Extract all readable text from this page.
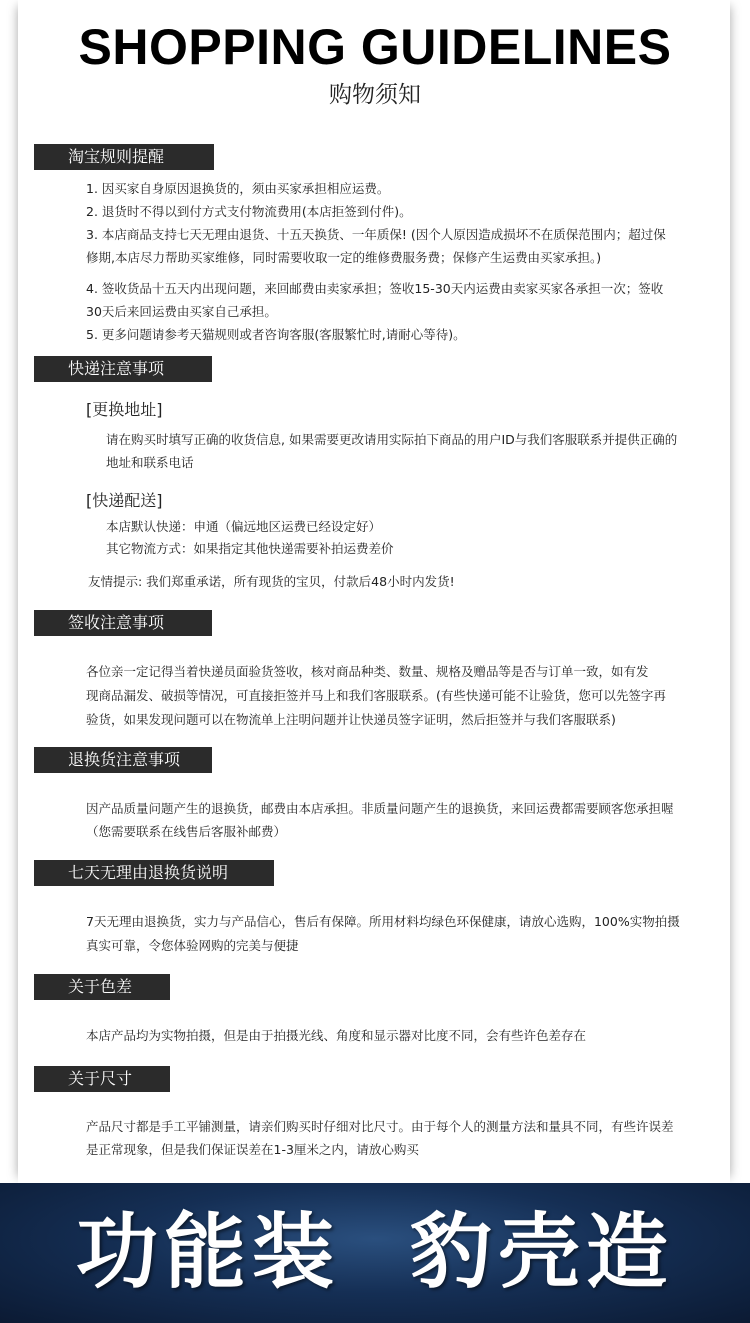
SHOPPING GUIDELINES
购物须知
淘宝规则提醒
1. 因买家自身原因退换货的，须由买家承担相应运费。
2. 退货时不得以到付方式支付物流费用(本店拒签到付件)。
3. 本店商品支持七天无理由退货、十五天换货、一年质保! (因个人原因造成损坏不在质保范围内；超过保
修期,本店尽力帮助买家维修，同时需要收取一定的维修费服务费；保修产生运费由买家承担。)
4. 签收货品十五天内出现问题，来回邮费由卖家承担；签收15-30天内运费由卖家买家各承担一次；签收
30天后来回运费由买家自己承担。
5. 更多问题请参考天猫规则或者咨询客服(客服繁忙时,请耐心等待)。
快递注意事项
[更换地址]
请在购买时填写正确的收货信息, 如果需要更改请用实际拍下商品的用户ID与我们客服联系并提供正确的
地址和联系电话
[快递配送]
本店默认快递：申通（偏远地区运费已经设定好）
其它物流方式：如果指定其他快递需要补拍运费差价
友情提示: 我们郑重承诺，所有现货的宝贝，付款后48小时内发货!
签收注意事项
各位亲一定记得当着快递员面验货签收，核对商品种类、数量、规格及赠品等是否与订单一致，如有发
现商品漏发、破损等情况，可直接拒签并马上和我们客服联系。(有些快递可能不让验货，您可以先签字再
验货，如果发现问题可以在物流单上注明问题并让快递员签字证明，然后拒签并与我们客服联系)
退换货注意事项
因产品质量问题产生的退换货，邮费由本店承担。非质量问题产生的退换货，来回运费都需要顾客您承担喔
（您需要联系在线售后客服补邮费）
七天无理由退换货说明
7天无理由退换货，实力与产品信心，售后有保障。所用材料均绿色环保健康，请放心选购，100%实物拍摄
真实可靠，令您体验网购的完美与便捷
关于色差
本店产品均为实物拍摄，但是由于拍摄光线、角度和显示器对比度不同，会有些许色差存在
关于尺寸
产品尺寸都是手工平铺测量，请亲们购买时仔细对比尺寸。由于每个人的测量方法和量具不同，有些许误差
是正常现象，但是我们保证误差在1-3厘米之内，请放心购买
功能装 豹壳造
